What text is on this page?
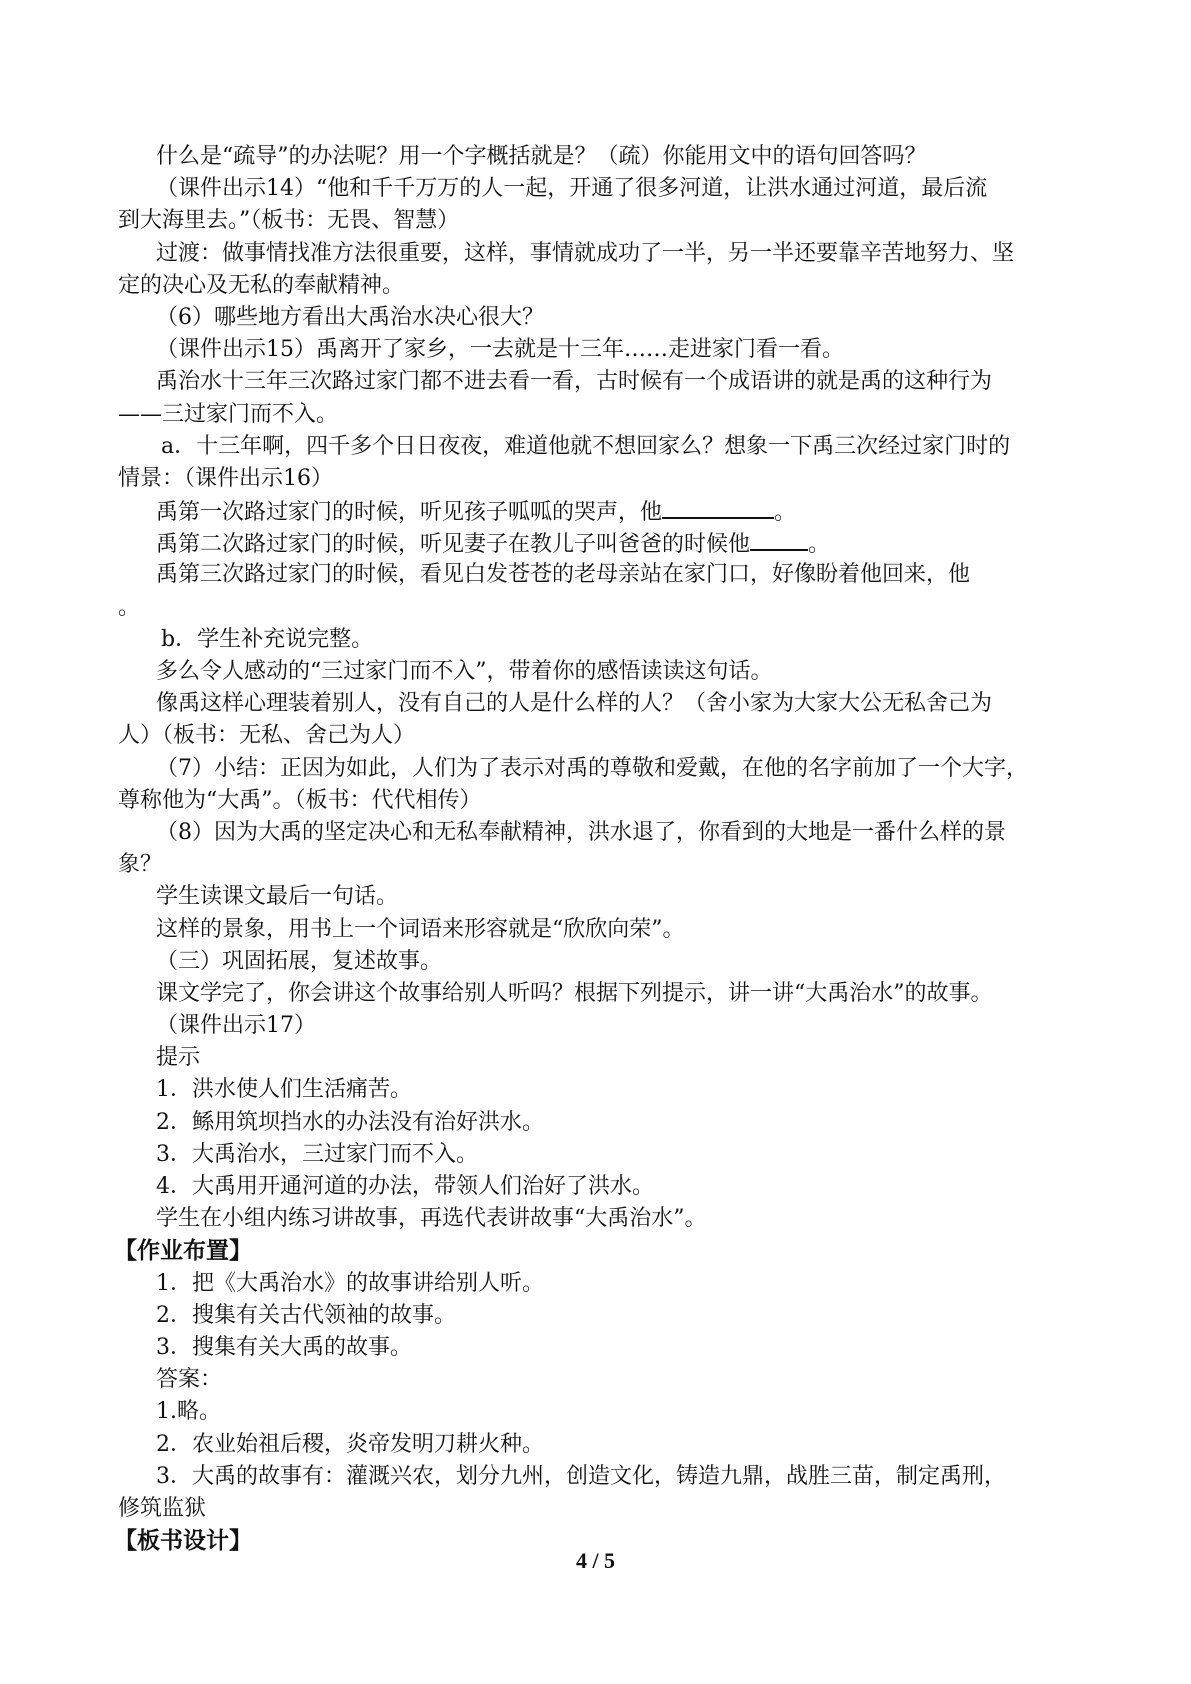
什么是“疏导”的办法呢？用一个字概括就是？（疏）你能用文中的语句回答吗？
（课件出示14）“他和千千万万的人一起，开通了很多河道，让洪水通过河道，最后流
到大海里去。”（板书：无畏、智慧）
过渡：做事情找准方法很重要，这样，事情就成功了一半，另一半还要靠辛苦地努力、坚
定的决心及无私的奉献精神。
（6）哪些地方看出大禹治水决心很大？
（课件出示15）禹离开了家乡，一去就是十三年……走进家门看一看。
禹治水十三年三次路过家门都不进去看一看，古时候有一个成语讲的就是禹的这种行为
——三过家门而不入。
a．十三年啊，四千多个日日夜夜，难道他就不想回家么？想象一下禹三次经过家门时的
情景：（课件出示16）
禹第一次路过家门的时候，听见孩子呱呱的哭声，他	。
禹第二次路过家门的时候，听见妻子在教儿子叫爸爸的时候他	。
禹第三次路过家门的时候，看见白发苍苍的老母亲站在家门口，好像盼着他回来，他
。
b．学生补充说完整。
多么令人感动的“三过家门而不入”，带着你的感悟读读这句话。
像禹这样心理装着别人，没有自己的人是什么样的人？（舍小家为大家大公无私舍己为
人）（板书：无私、舍己为人）
（7）小结：正因为如此，人们为了表示对禹的尊敬和爱戴，在他的名字前加了一个大字，
尊称他为“大禹”。（板书：代代相传）
（8）因为大禹的坚定决心和无私奉献精神，洪水退了，你看到的大地是一番什么样的景
象？
学生读课文最后一句话。
这样的景象，用书上一个词语来形容就是“欣欣向荣”。
（三）巩固拓展，复述故事。
课文学完了，你会讲这个故事给别人听吗？根据下列提示，讲一讲“大禹治水”的故事。
（课件出示17）
提示
1．洪水使人们生活痛苦。
2．鲧用筑坝挡水的办法没有治好洪水。
3．大禹治水，三过家门而不入。
4．大禹用开通河道的办法，带领人们治好了洪水。
学生在小组内练习讲故事，再选代表讲故事“大禹治水”。
【作业布置】
1．把《大禹治水》的故事讲给别人听。
2．搜集有关古代领袖的故事。
3．搜集有关大禹的故事。
答案：
1.略。
2．农业始祖后稷，炎帝发明刀耕火种。
3．大禹的故事有：灌溉兴农，划分九州，创造文化，铸造九鼎，战胜三苗，制定禹刑，
修筑监狱
【板书设计】
4 / 5
